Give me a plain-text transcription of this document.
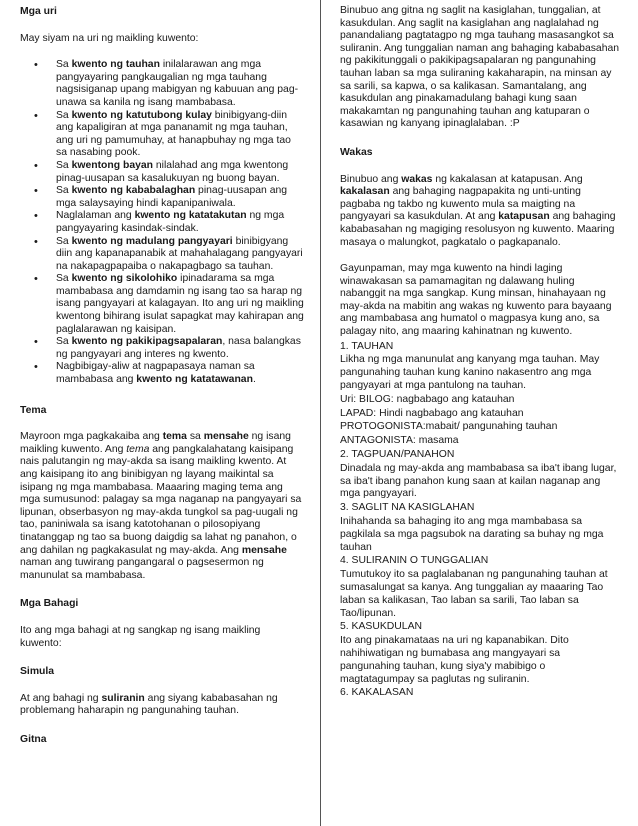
Mga uri

May siyam na uri ng maikling kuwento:

• Sa kwento ng tauhan inilalarawan ang mga pangyayaring pangkaugalian ng mga tauhang nagsisiganap upang mabigyan ng kabuuan ang pag-unawa sa kanila ng isang mambabasa.
• Sa kwento ng katutubong kulay binibigyang-diin ang kapaligiran at mga pananamit ng mga tauhan, ang uri ng pamumuhay, at hanapbuhay ng mga tao sa nasabing pook.
• Sa kwentong bayan nilalahad ang mga kwentong pinag-uusapan sa kasalukuyan ng buong bayan.
• Sa kwento ng kababalaghan pinag-uusapan ang mga salaysaying hindi kapanipaniwala.
• Naglalaman ang kwento ng katatakutan ng mga pangyayaring kasindak-sindak.
• Sa kwento ng madulang pangyayari binibigyang diin ang kapanapanabik at mahahalagang pangyayari na nakapagpapaiba o nakapagbago sa tauhan.
• Sa kwento ng sikolohiko ipinadarama sa mga mambabasa ang damdamin ng isang tao sa harap ng isang pangyayari at kalagayan. Ito ang uri ng maikling kwentong bihirang isulat sapagkat may kahirapan ang paglalarawan ng kaisipan.
• Sa kwento ng pakikipagsapalaran, nasa balangkas ng pangyayari ang interes ng kwento.
• Nagbibigay-aliw at nagpapasaya naman sa mambabasa ang kwento ng katatawanan.

Tema

Mayroon mga pagkakaiba ang tema sa mensahe ng isang maikling kuwento. Ang tema ang pangkalahatang kaisipang nais palutangin ng may-akda sa isang maikling kwento. At ang kaisipang ito ang binibigyan ng layang maikintal sa isipang ng mga mambabasa. Maaaring maging tema ang mga sumusunod: palagay sa mga naganap na pangyayari sa lipunan, obserbasyon ng may-akda tungkol sa pag-uugali ng tao, paniniwala sa isang katotohanan o pilosopiyang tinatanggap ng tao sa buong daigdig sa lahat ng panahon, o ang dahilan ng pagkakasulat ng may-akda. Ang mensahe naman ang tuwirang pangangaral o pagsesermon ng manunulat sa mambabasa.

Mga Bahagi

Ito ang mga bahagi at ng sangkap ng isang maikling kuwento:

Simula

At ang bahagi ng suliranin ang siyang kababasahan ng problemang haharapin ng pangunahing tauhan.

Gitna

Binubuo ang gitna ng saglit na kasiglahan, tunggalian, at kasukdulan. Ang saglit na kasiglahan ang naglalahad ng panandaliang pagtatagpo ng mga tauhang masasangkot sa suliranin. Ang tunggalian naman ang bahaging kababasahan ng pakikitunggali o pakikipagsapalaran ng pangunahing tauhan laban sa mga suliraning kakaharapin, na minsan ay sa sarili, sa kapwa, o sa kalikasan. Samantalang, ang kasukdulan ang pinakamadulang bahagi kung saan makakamtan ng pangunahing tauhan ang katuparan o kasawian ng kanyang ipinaglalaban. :P

Wakas

Binubuo ang wakas ng kakalasan at katapusan. Ang kakalasan ang bahaging nagpapakita ng unti-unting pagbaba ng takbo ng kuwento mula sa maigting na pangyayari sa kasukdulan. At ang katapusan ang bahaging kababasahan ng magiging resolusyon ng kuwento. Maaring masaya o malungkot, pagkatalo o pagkapanalo.

Gayunpaman, may mga kuwento na hindi laging winawakasan sa pamamagitan ng dalawang huling nabanggit na mga sangkap. Kung minsan, hinahayaan ng may-akda na mabitin ang wakas ng kuwento para bayaang ang mambabasa ang humatol o magpasya kung ano, sa palagay nito, ang maaring kahinatnan ng kuwento.

1. TAUHAN

Likha ng mga manunulat ang kanyang mga tauhan. May pangunahing tauhan kung kanino nakasentro ang mga pangyayari at mga pantulong na tauhan.

Uri: BILOG: nagbabago ang katauhan

LAPAD: Hindi nagbabago ang katauhan

PROTOGONISTA:mabait/ pangunahing tauhan

ANTAGONISTA: masama

2. TAGPUAN/PANAHON

Dinadala ng may-akda ang mambabasa sa iba't ibang lugar, sa iba't ibang panahon kung saan at kailan naganap ang mga pangyayari.

3. SAGLIT NA KASIGLAHAN

Inihahanda sa bahaging ito ang mga mambabasa sa pagkilala sa mga pagsubok na darating sa buhay ng mga tauhan

4. SULIRANIN O TUNGGALIAN

Tumutukoy ito sa paglalabanan ng pangunahing tauhan at sumasalungat sa kanya. Ang tunggalian ay maaaring Tao laban sa kalikasan, Tao laban sa sarili, Tao laban sa Tao/lipunan.

5. KASUKDULAN

Ito ang pinakamataas na uri ng kapanabikan. Dito nahihiwatigan ng bumabasa ang mangyayari sa pangunahing tauhan, kung siya'y mabibigo o magtatagumpay sa paglutas ng suliranin.

6. KAKALASAN
